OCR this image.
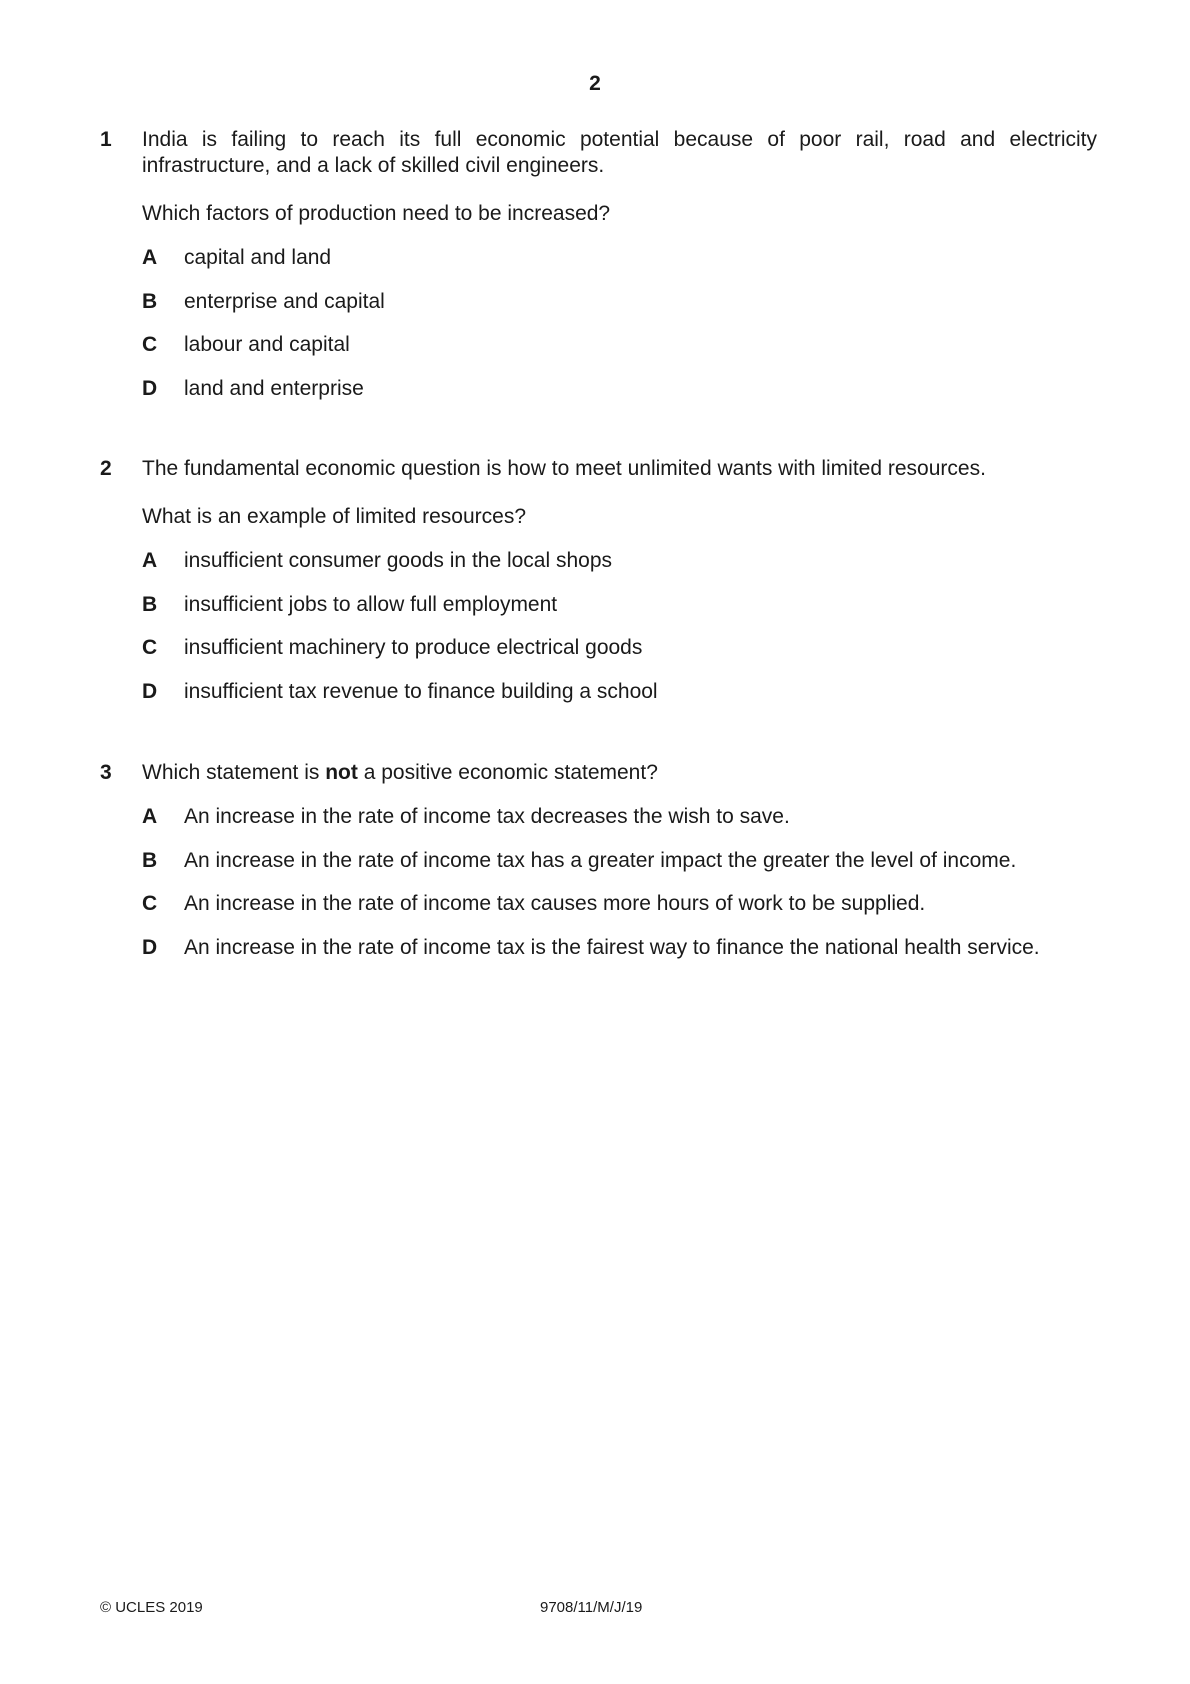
2
1 India is failing to reach its full economic potential because of poor rail, road and electricity infrastructure, and a lack of skilled civil engineers.

Which factors of production need to be increased?

A	capital and land
B	enterprise and capital
C	labour and capital
D	land and enterprise
2 The fundamental economic question is how to meet unlimited wants with limited resources.

What is an example of limited resources?

A	insufficient consumer goods in the local shops
B	insufficient jobs to allow full employment
C	insufficient machinery to produce electrical goods
D	insufficient tax revenue to finance building a school
3 Which statement is not a positive economic statement?

A	An increase in the rate of income tax decreases the wish to save.
B	An increase in the rate of income tax has a greater impact the greater the level of income.
C	An increase in the rate of income tax causes more hours of work to be supplied.
D	An increase in the rate of income tax is the fairest way to finance the national health service.
© UCLES 2019	9708/11/M/J/19
